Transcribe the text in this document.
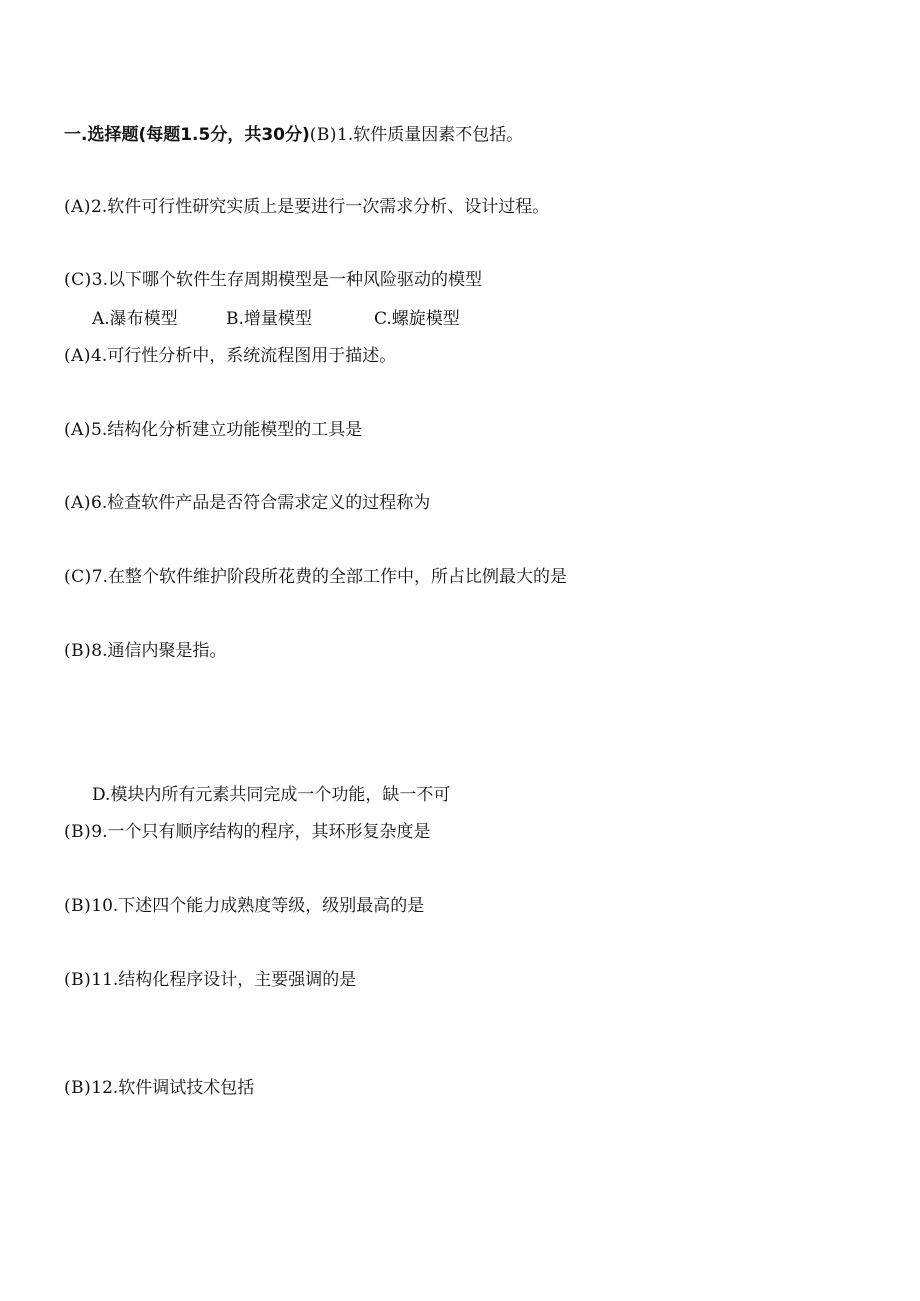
一.选择题(每题1.5分，共30分)(B)1.软件质量因素不包括。
(A)2.软件可行性研究实质上是要进行一次需求分析、设计过程。
(C)3.以下哪个软件生存周期模型是一种风险驱动的模型
A.瀑布模型	B.增量模型	C.螺旋模型
(A)4.可行性分析中，系统流程图用于描述。
(A)5.结构化分析建立功能模型的工具是
(A)6.检查软件产品是否符合需求定义的过程称为
(C)7.在整个软件维护阶段所花费的全部工作中，所占比例最大的是
(B)8.通信内聚是指。
D.模块内所有元素共同完成一个功能，缺一不可
(B)9.一个只有顺序结构的程序，其环形复杂度是
(B)10.下述四个能力成熟度等级，级别最高的是
(B)11.结构化程序设计，主要强调的是
(B)12.软件调试技术包括
